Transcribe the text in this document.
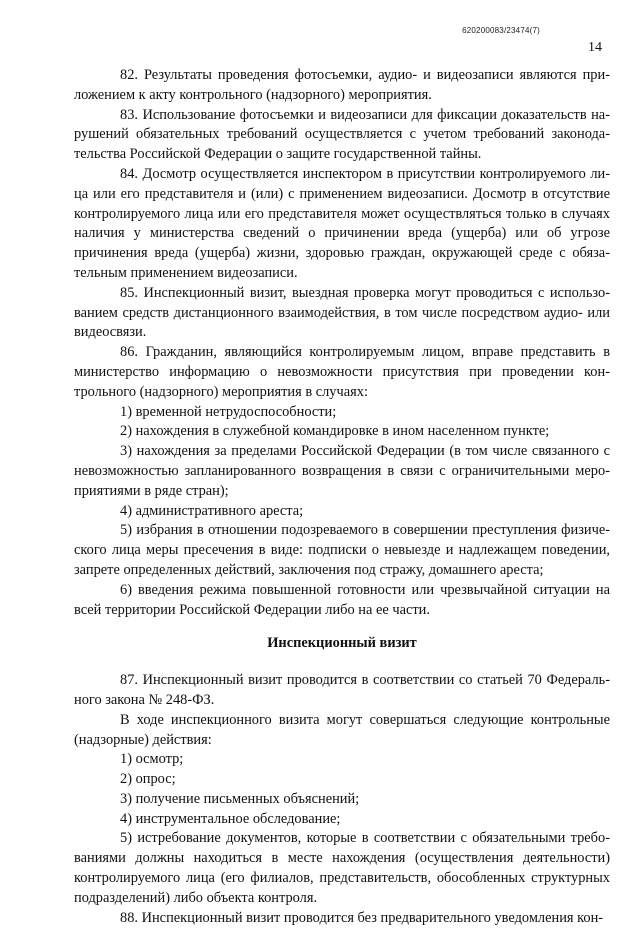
620200083/23474(7)
14

82. Результаты проведения фотосъемки, аудио- и видеозаписи являются приложением к акту контрольного (надзорного) мероприятия.

83. Использование фотосъемки и видеозаписи для фиксации доказательств нарушений обязательных требований осуществляется с учетом требований законодательства Российской Федерации о защите государственной тайны.

84. Досмотр осуществляется инспектором в присутствии контролируемого лица или его представителя и (или) с применением видеозаписи. Досмотр в отсутствие контролируемого лица или его представителя может осуществляться только в случаях наличия у министерства сведений о причинении вреда (ущерба) или об угрозе причинения вреда (ущерба) жизни, здоровью граждан, окружающей среде с обязательным применением видеозаписи.

85. Инспекционный визит, выездная проверка могут проводиться с использованием средств дистанционного взаимодействия, в том числе посредством аудио- или видеосвязи.

86. Гражданин, являющийся контролируемым лицом, вправе представить в министерство информацию о невозможности присутствия при проведении контрольного (надзорного) мероприятия в случаях:

1) временной нетрудоспособности;

2) нахождения в служебной командировке в ином населенном пункте;

3) нахождения за пределами Российской Федерации (в том числе связанного с невозможностью запланированного возвращения в связи с ограничительными мероприятиями в ряде стран);

4) административного ареста;

5) избрания в отношении подозреваемого в совершении преступления физического лица меры пресечения в виде: подписки о невыезде и надлежащем поведении, запрете определенных действий, заключения под стражу, домашнего ареста;

6) введения режима повышенной готовности или чрезвычайной ситуации на всей территории Российской Федерации либо на ее части.

Инспекционный визит

87. Инспекционный визит проводится в соответствии со статьей 70 Федерального закона № 248-ФЗ.

В ходе инспекционного визита могут совершаться следующие контрольные (надзорные) действия:

1) осмотр;

2) опрос;

3) получение письменных объяснений;

4) инструментальное обследование;

5) истребование документов, которые в соответствии с обязательными требованиями должны находиться в месте нахождения (осуществления деятельности) контролируемого лица (его филиалов, представительств, обособленных структурных подразделений) либо объекта контроля.

88. Инспекционный визит проводится без предварительного уведомления кон-
